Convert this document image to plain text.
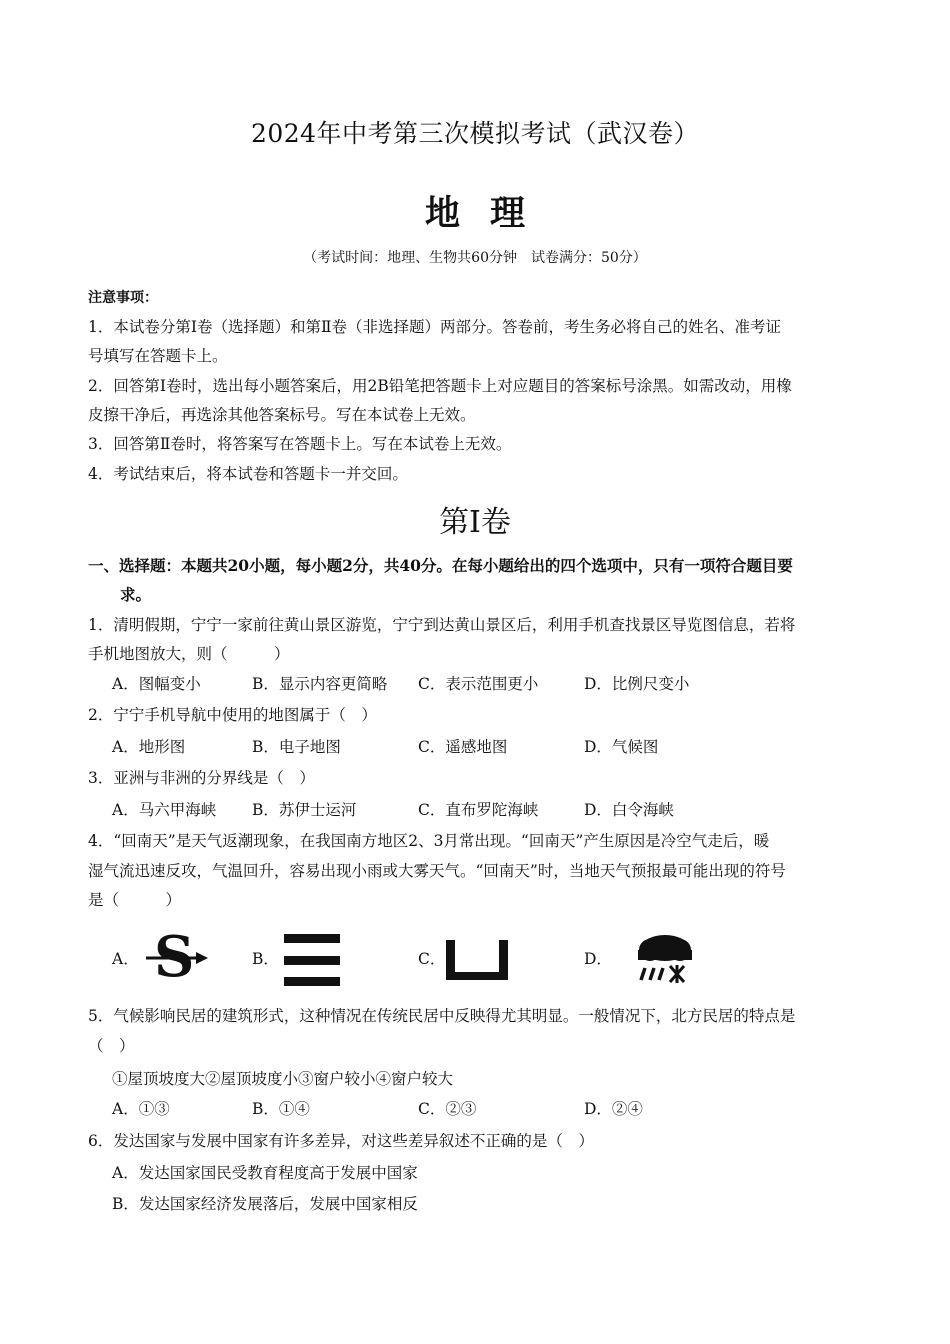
2024年中考第三次模拟考试（武汉卷）
地理
（考试时间：地理、生物共60分钟　试卷满分：50分）
注意事项：
1．本试卷分第Ⅰ卷（选择题）和第Ⅱ卷（非选择题）两部分。答卷前，考生务必将自己的姓名、准考证
号填写在答题卡上。
2．回答第Ⅰ卷时，选出每小题答案后，用2B铅笔把答题卡上对应题目的答案标号涂黑。如需改动，用橡
皮擦干净后，再选涂其他答案标号。写在本试卷上无效。
3．回答第Ⅱ卷时，将答案写在答题卡上。写在本试卷上无效。
4．考试结束后，将本试卷和答题卡一并交回。
第Ⅰ卷
一、选择题：本题共20小题，每小题2分，共40分。在每小题给出的四个选项中，只有一项符合题目要
求。
1．清明假期，宁宁一家前往黄山景区游览，宁宁到达黄山景区后，利用手机查找景区导览图信息，若将
手机地图放大，则（　　　）
A．图幅变小	B．显示内容更简略 C．表示范围更小	D．比例尺变小
2．宁宁手机导航中使用的地图属于（　）
A．地形图	B．电子地图	C．遥感地图	D．气候图
3．亚洲与非洲的分界线是（　）
A．马六甲海峡 B．苏伊士运河	C．直布罗陀海峡	D．白令海峡
4．“回南天”是天气返潮现象，在我国南方地区2、3月常出现。“回南天”产生原因是冷空气走后，暖
湿气流迅速反攻，气温回升，容易出现小雨或大雾天气。“回南天”时，当地天气预报最可能出现的符号
是（　　　）
A． S	B．	C．	D．
5．气候影响民居的建筑形式，这种情况在传统民居中反映得尤其明显。一般情况下，北方民居的特点是
（　）
①屋顶坡度大②屋顶坡度小③窗户较小④窗户较大
A．①③	B．①④	C．②③	D．②④
6．发达国家与发展中国家有许多差异，对这些差异叙述不正确的是（　）
A．发达国家国民受教育程度高于发展中国家
B．发达国家经济发展落后，发展中国家相反
